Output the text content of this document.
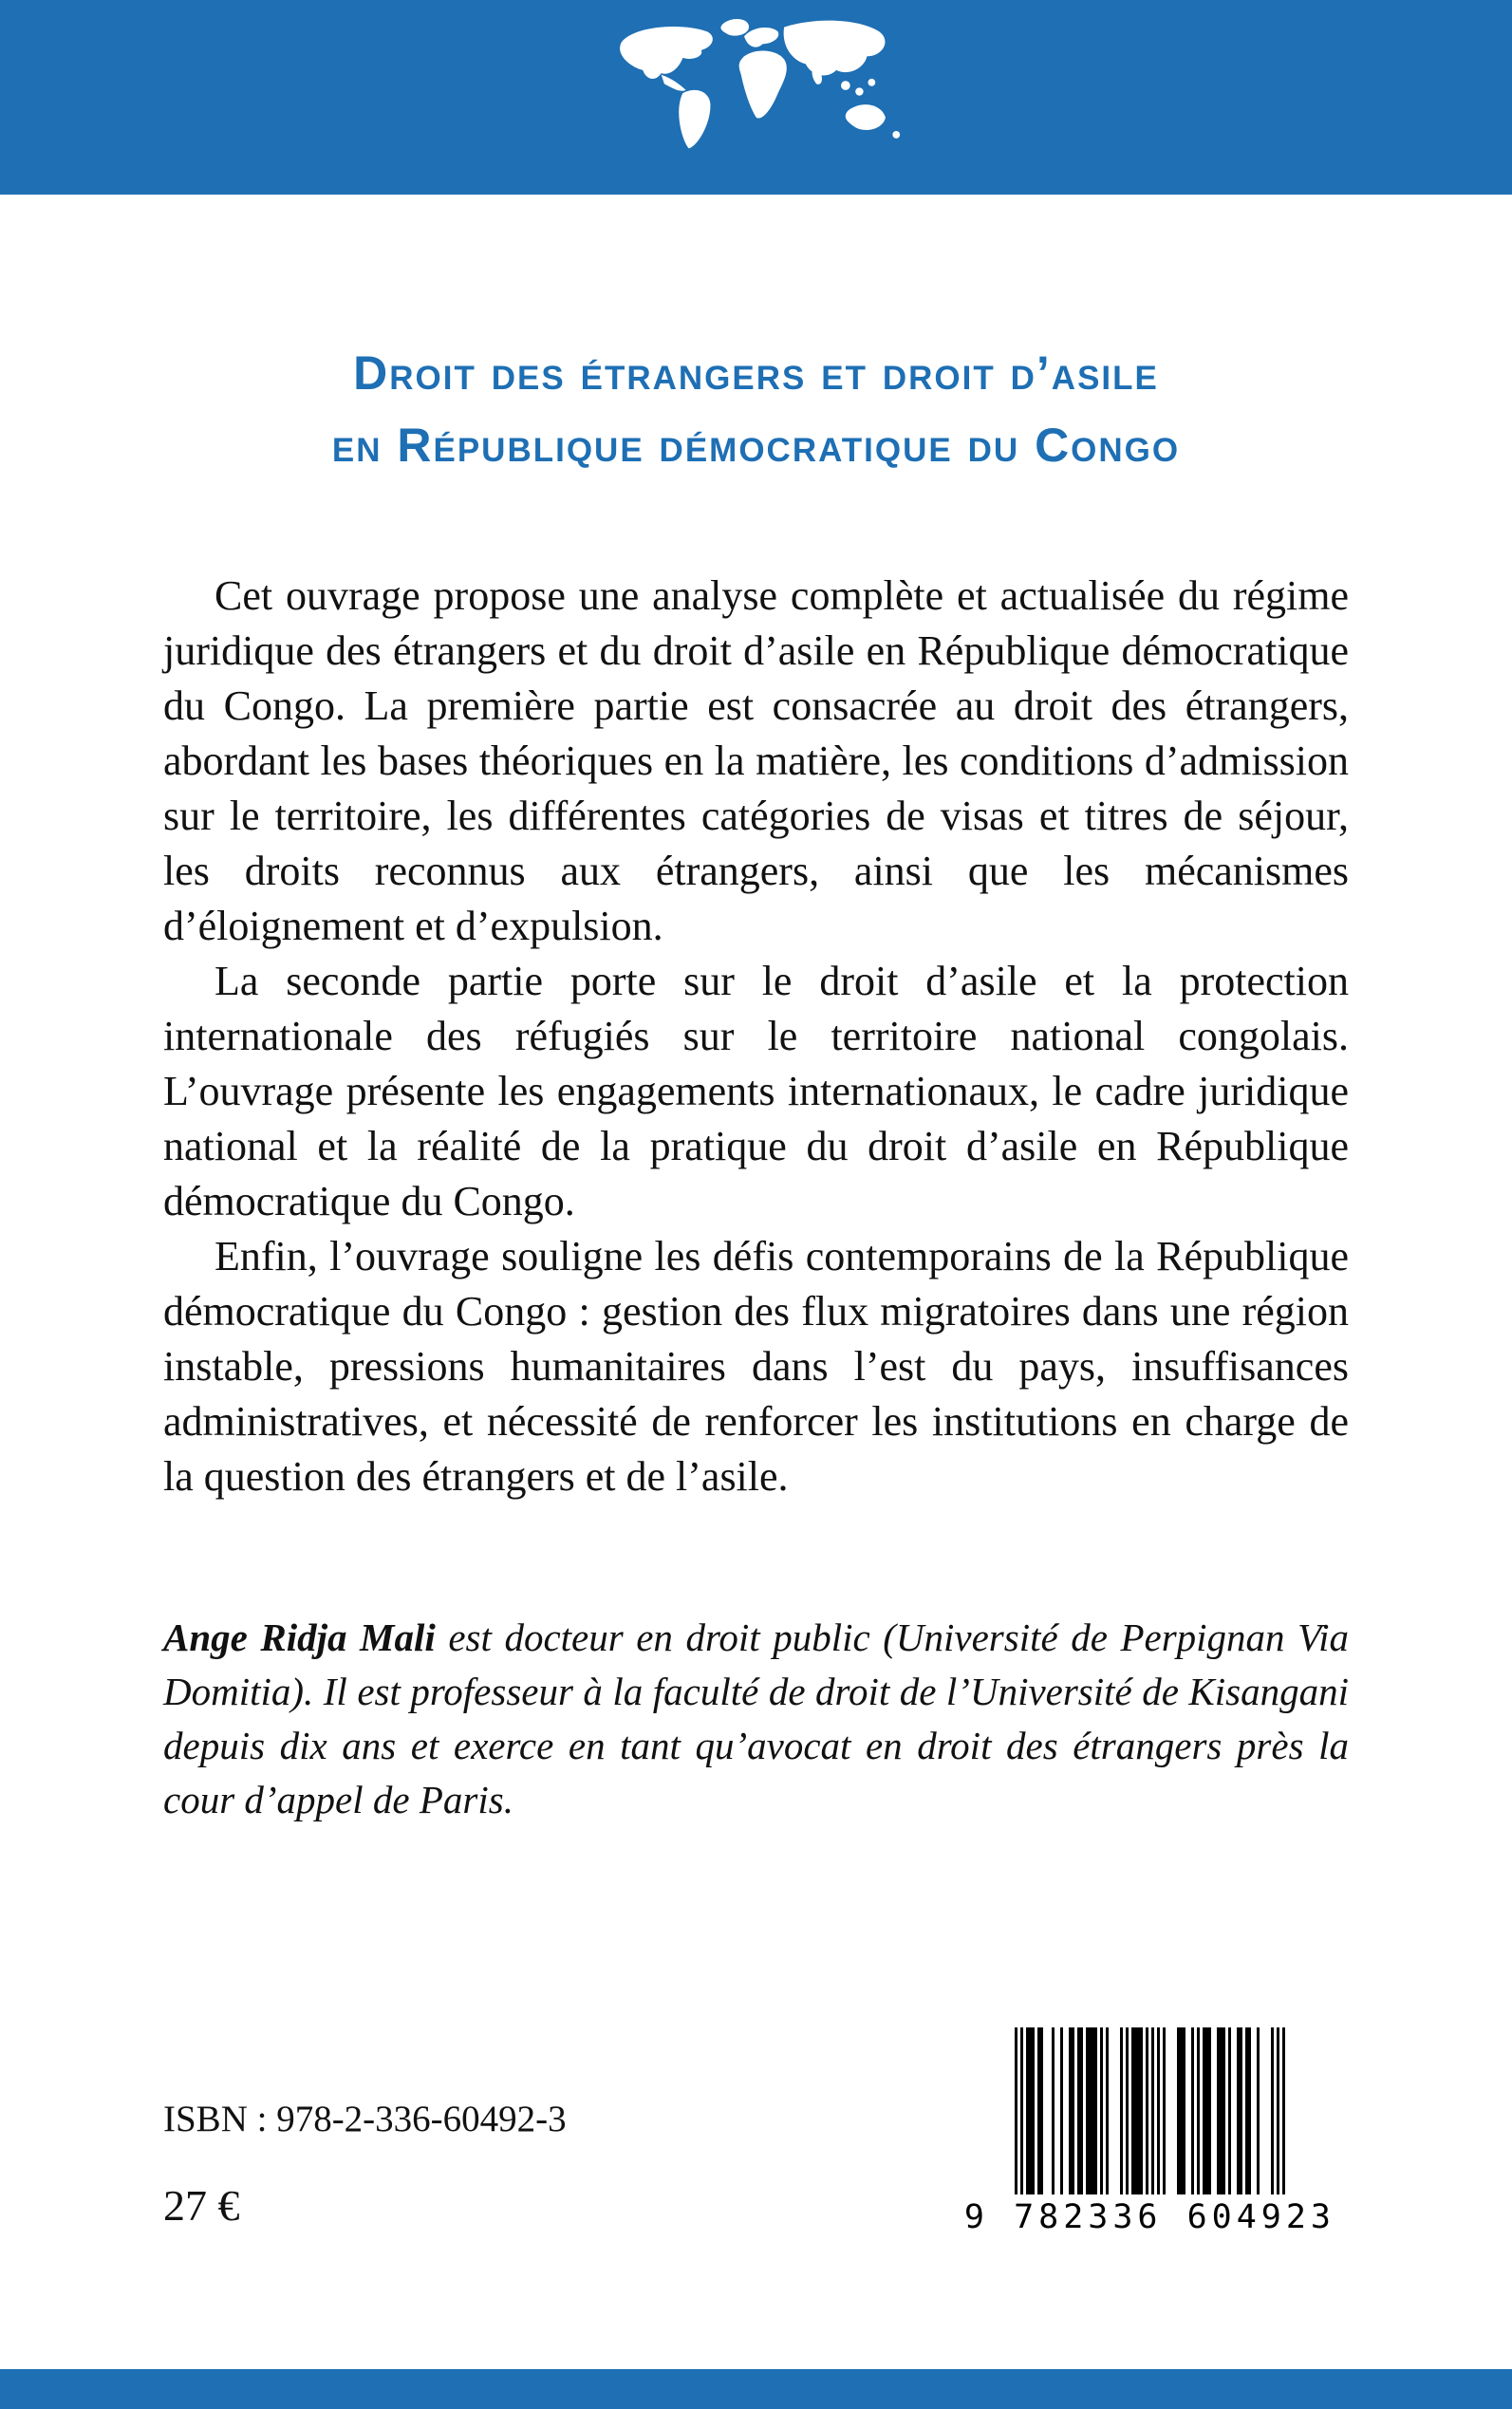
Droit des étrangers et droit d’asile
en République démocratique du Congo

Cet ouvrage propose une analyse complète et actualisée du régime juridique des étrangers et du droit d’asile en République démocratique du Congo. La première partie est consacrée au droit des étrangers, abordant les bases théoriques en la matière, les conditions d’admission sur le territoire, les différentes catégories de visas et titres de séjour, les droits reconnus aux étrangers, ainsi que les mécanismes d’éloignement et d’expulsion.

La seconde partie porte sur le droit d’asile et la protection internationale des réfugiés sur le territoire national congolais. L’ouvrage présente les engagements internationaux, le cadre juridique national et la réalité de la pratique du droit d’asile en République démocratique du Congo.

Enfin, l’ouvrage souligne les défis contemporains de la République démocratique du Congo : gestion des flux migratoires dans une région instable, pressions humanitaires dans l’est du pays, insuffisances administratives, et nécessité de renforcer les institutions en charge de la question des étrangers et de l’asile.

Ange Ridja Mali est docteur en droit public (Université de Perpignan Via Domitia). Il est professeur à la faculté de droit de l’Université de Kisangani depuis dix ans et exerce en tant qu’avocat en droit des étrangers près la cour d’appel de Paris.

ISBN : 978-2-336-60492-3
27 €	9 782336 604923
